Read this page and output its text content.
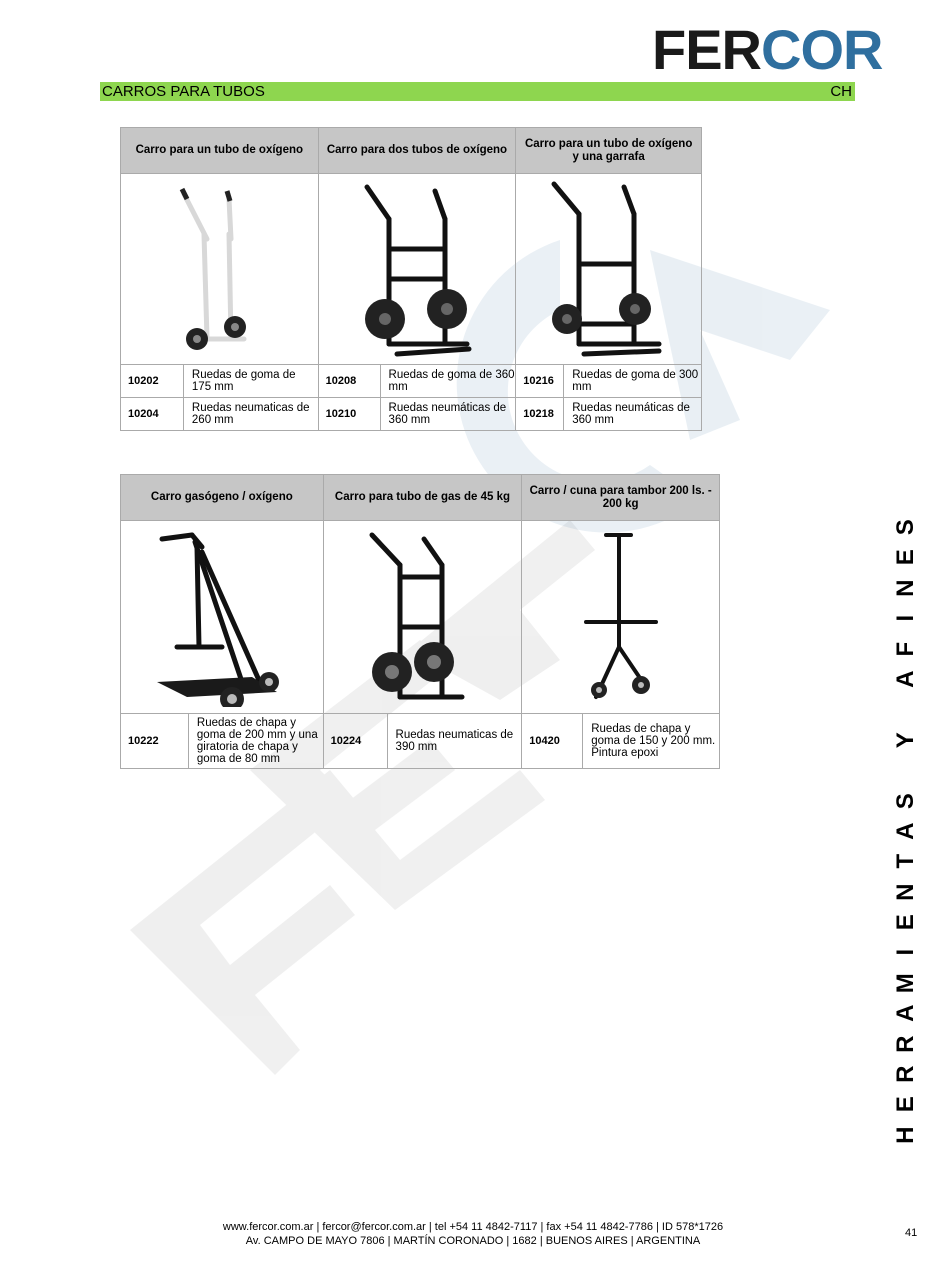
FERCOR
CARROS PARA TUBOS	CH
Carro para un tubo de oxígeno		Carro para dos tubos de oxígeno		Carro para un tubo de oxígeno y una garrafa	

10202	Ruedas de goma de 175 mm	10208	Ruedas de goma de 360 mm	10216	Ruedas de goma de 300 mm
10204	Ruedas neumaticas de 260 mm	10210	Ruedas neumáticas de 360 mm	10218	Ruedas neumáticas de 360 mm
Carro gasógeno / oxígeno		Carro para tubo de gas de 45 kg		Carro / cuna para tambor 200 ls. - 200 kg	

10222	Ruedas de chapa y goma de 200 mm y una giratoria de chapa y goma de 80 mm	10224	Ruedas neumaticas de 390 mm	10420	Ruedas de chapa y goma de 150 y 200 mm. Pintura epoxi
S
E
N
I
F
A

Y

S
A
T
N
E
I
M
A
R
R
E
H
www.fercor.com.ar | fercor@fercor.com.ar | tel +54 11 4842-7117 | fax +54 11 4842-7786 | ID 578*1726
Av. CAMPO DE MAYO 7806 | MARTÍN CORONADO | 1682 | BUENOS AIRES | ARGENTINA
41
